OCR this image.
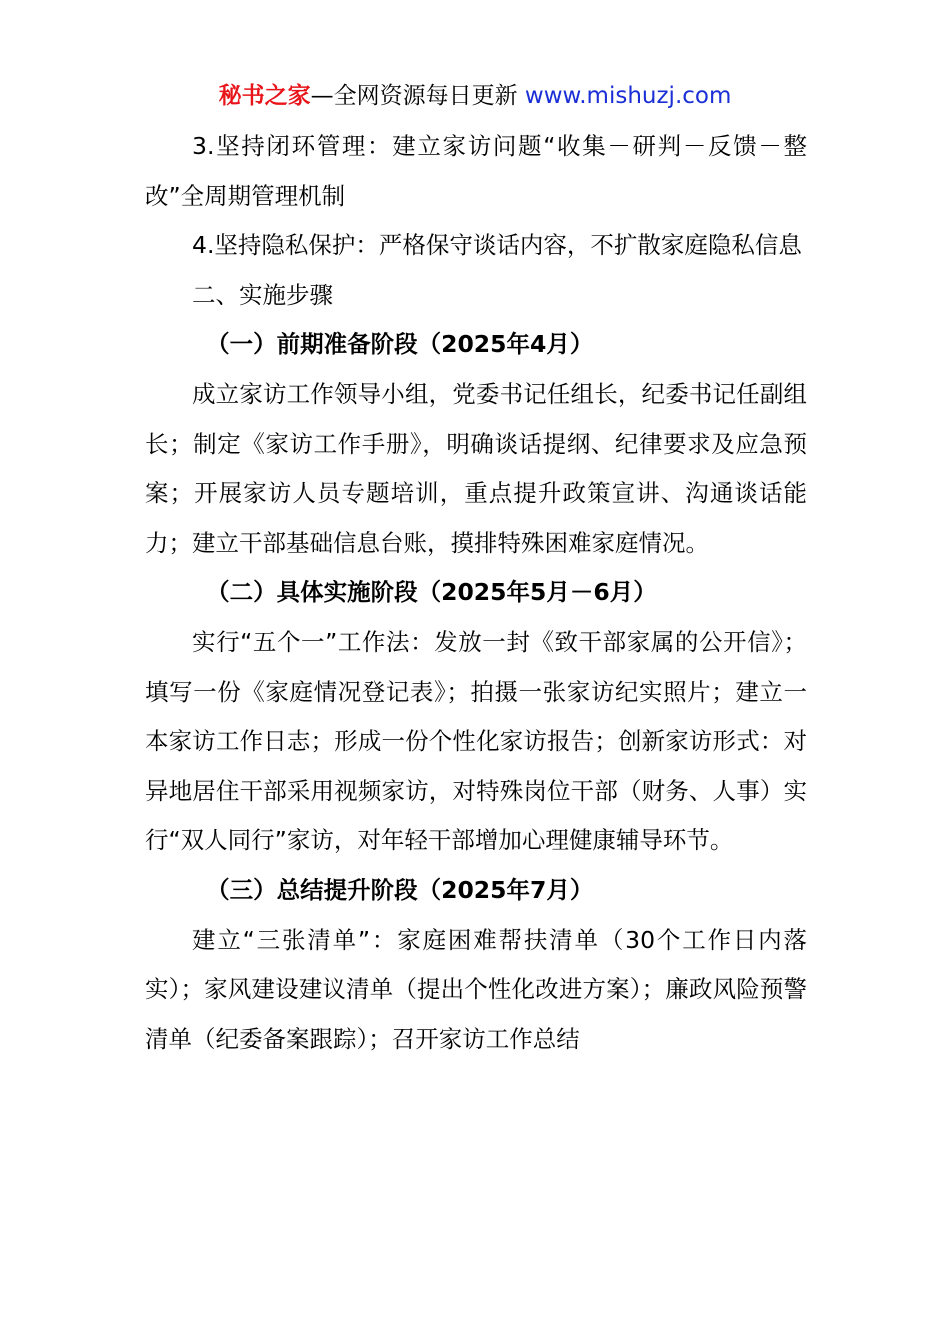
秘书之家—全网资源每日更新 www.mishuzj.com

3.坚持闭环管理：建立家访问题“收集－研判－反馈－整改”全周期管理机制

4.坚持隐私保护：严格保守谈话内容，不扩散家庭隐私信息

二、实施步骤

（一）前期准备阶段（2025年4月）

成立家访工作领导小组，党委书记任组长，纪委书记任副组长；制定《家访工作手册》，明确谈话提纲、纪律要求及应急预案；开展家访人员专题培训，重点提升政策宣讲、沟通谈话能力；建立干部基础信息台账，摸排特殊困难家庭情况。

（二）具体实施阶段（2025年5月－6月）

实行“五个一”工作法：发放一封《致干部家属的公开信》；填写一份《家庭情况登记表》；拍摄一张家访纪实照片；建立一本家访工作日志；形成一份个性化家访报告；创新家访形式：对异地居住干部采用视频家访，对特殊岗位干部（财务、人事）实行“双人同行”家访，对年轻干部增加心理健康辅导环节。

（三）总结提升阶段（2025年7月）

建立“三张清单”：家庭困难帮扶清单（30个工作日内落实）；家风建设建议清单（提出个性化改进方案）；廉政风险预警清单（纪委备案跟踪）；召开家访工作总结
